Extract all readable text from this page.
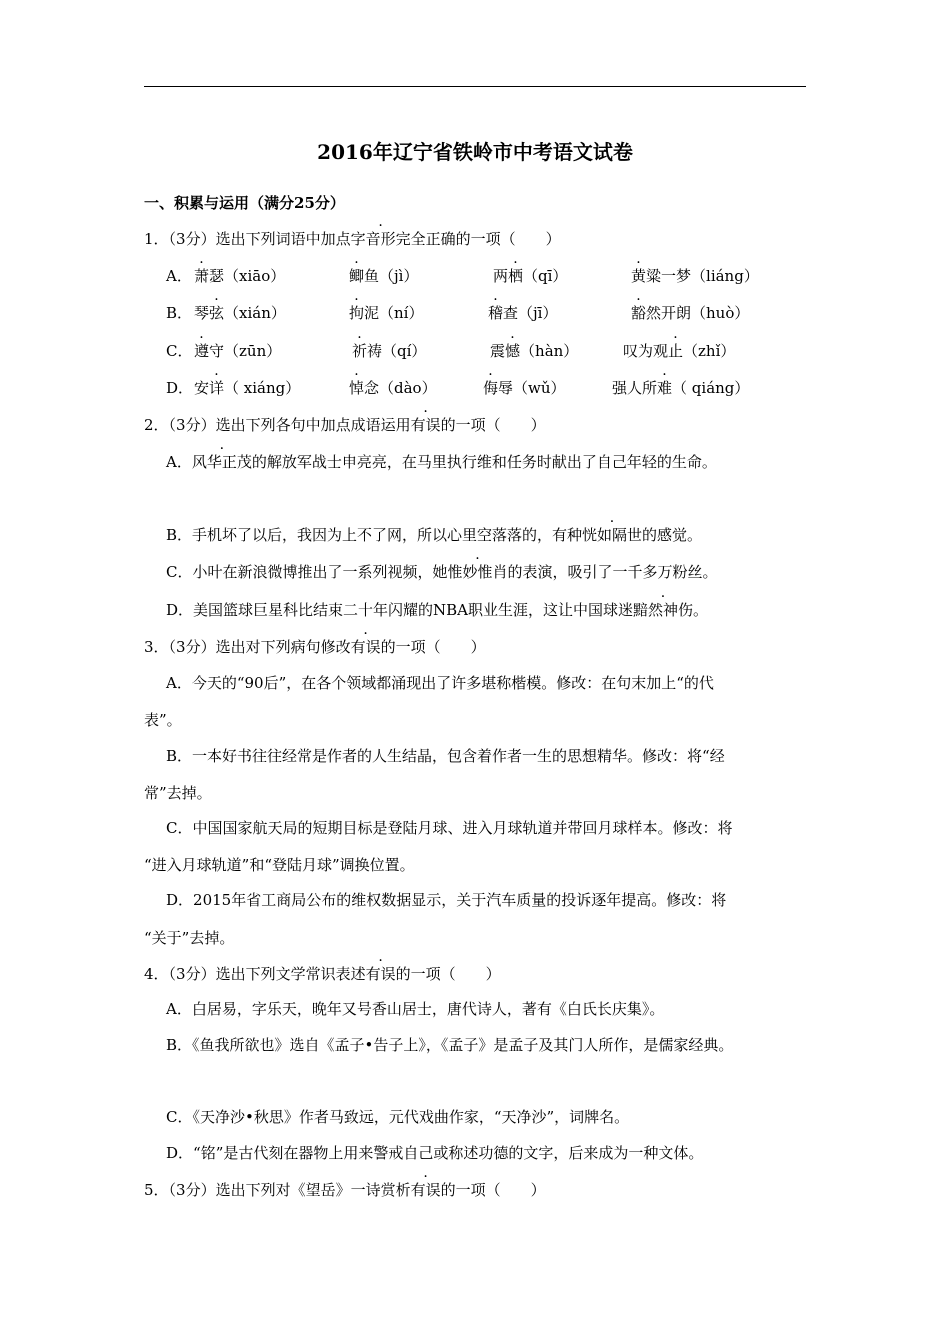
2016年辽宁省铁岭市中考语文试卷
一、积累与运用（满分25分）
1．（3分）选出下列词语中加点字音形完全正确的一项（　　）
A． 萧瑟（xiāo）	鲫鱼（jì）	两栖（qī）	黄粱一梦（liáng）
B． 琴弦（xián）	拘泥（ní）	稽查（jī）	豁然开朗（huò）
C． 遵守（zūn）	祈祷（qí）	震憾（hàn）	叹为观止（zhǐ）
D． 安详（ xiáng）	悼念（dào）	侮辱（wǔ）	强人所难（ qiáng）
2．（3分）选出下列各句中加点成语运用有误的一项（　　）
A．风华正茂的解放军战士申亮亮，在马里执行维和任务时献出了自己年轻的生命。
B．手机坏了以后，我因为上不了网，所以心里空落落的，有种恍如隔世的感觉。
C．小叶在新浪微博推出了一系列视频，她惟妙惟肖的表演，吸引了一千多万粉丝。
D．美国篮球巨星科比结束二十年闪耀的NBA职业生涯，这让中国球迷黯然神伤。
3．（3分）选出对下列病句修改有误的一项（　　）
A．今天的“90后”，在各个领域都涌现出了许多堪称楷模。修改：在句末加上“的代
表”。
B．一本好书往往经常是作者的人生结晶，包含着作者一生的思想精华。修改：将“经
常”去掉。
C．中国国家航天局的短期目标是登陆月球、进入月球轨道并带回月球样本。修改：将
“进入月球轨道”和“登陆月球”调换位置。
D．2015年省工商局公布的维权数据显示，关于汽车质量的投诉逐年提高。修改：将
“关于”去掉。
4．（3分）选出下列文学常识表述有误的一项（　　）
A．白居易，字乐天，晚年又号香山居士，唐代诗人，著有《白氏长庆集》。
B．《鱼我所欲也》选自《孟子•告子上》，《孟子》是孟子及其门人所作，是儒家经典。
C．《天净沙•秋思》作者马致远，元代戏曲作家，“天净沙”，词牌名。
D．“铭”是古代刻在器物上用来警戒自己或称述功德的文字，后来成为一种文体。
5．（3分）选出下列对《望岳》一诗赏析有误的一项（　　）
